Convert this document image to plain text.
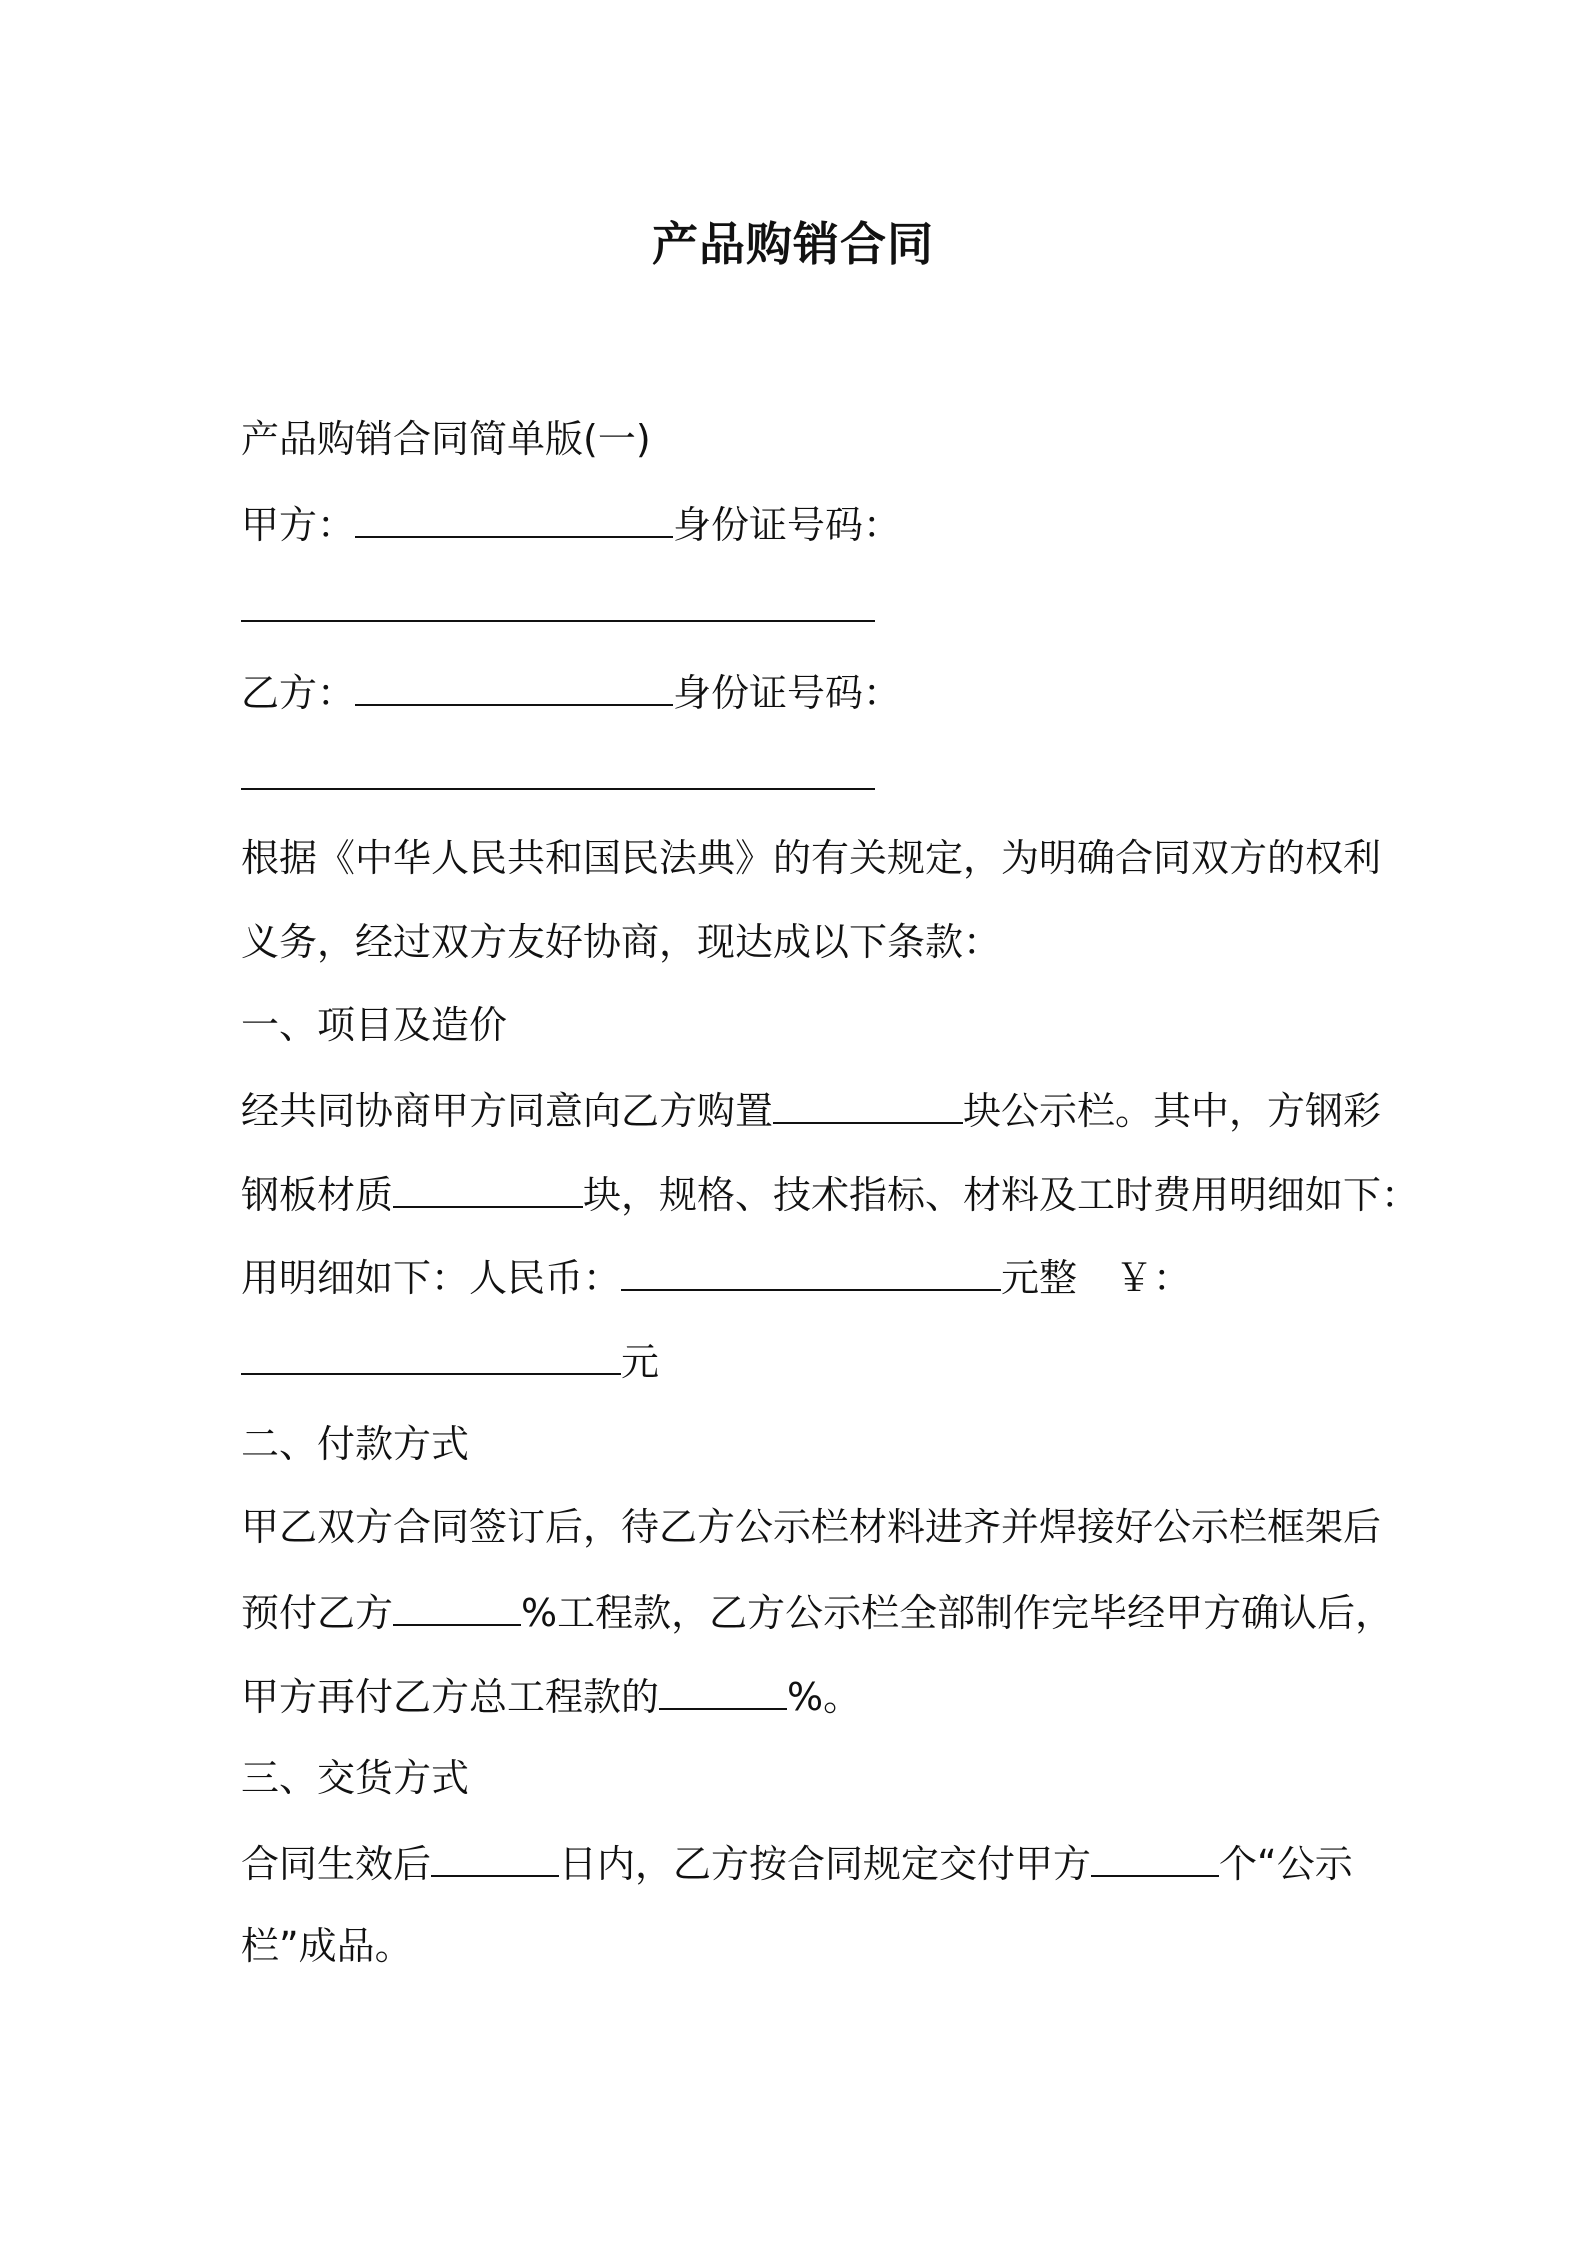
产品购销合同
产品购销合同简单版(一)
甲方：	身份证号码：
乙方：	身份证号码：
根据《中华人民共和国民法典》的有关规定，为明确合同双方的权利
义务，经过双方友好协商，现达成以下条款：
一、项目及造价
经共同协商甲方同意向乙方购置	块公示栏。其中，方钢彩
钢板材质	块，规格、技术指标、材料及工时费用明细如下：
用明细如下：人民币：	元整　￥：
元
二、付款方式
甲乙双方合同签订后，待乙方公示栏材料进齐并焊接好公示栏框架后
预付乙方	%工程款，乙方公示栏全部制作完毕经甲方确认后，
甲方再付乙方总工程款的	%。
三、交货方式
合同生效后	日内，乙方按合同规定交付甲方	个“公示
栏”成品。
